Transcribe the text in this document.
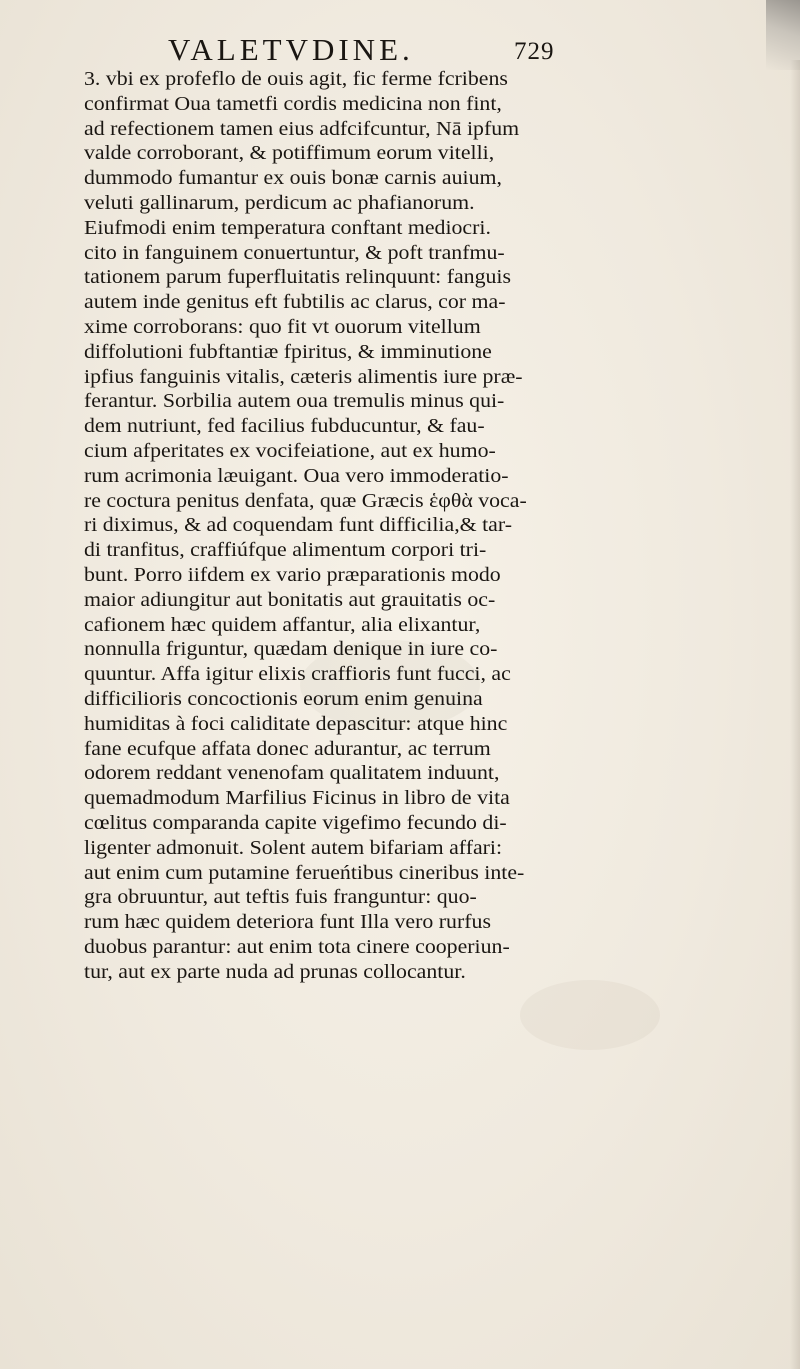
VALETVDINE.	729
3. vbi ex profeflo de ouis agit, fic ferme fcribens
confirmat Oua tametfi cordis medicina non fint,
ad refectionem tamen eius adfcifcuntur, Nā ipfum
valde corroborant, & potiffimum eorum vitelli,
dummodo fumantur ex ouis bonæ carnis auium,
veluti gallinarum, perdicum ac phafianorum.
Eiufmodi enim temperatura conftant mediocri.
cito in fanguinem conuertuntur, & poft tranfmu-
tationem parum fuperfluitatis relinquunt: fanguis
autem inde genitus eft fubtilis ac clarus, cor ma-
xime corroborans: quo fit vt ouorum vitellum
diffolutioni fubftantiæ fpiritus, & imminutione
ipfius fanguinis vitalis, cæteris alimentis iure præ-
ferantur. Sorbilia autem oua tremulis minus qui-
dem nutriunt, fed facilius fubducuntur, & fau-
cium afperitates ex vocifeiatione, aut ex humo-
rum acrimonia læuigant. Oua vero immoderatio-
re coctura penitus denfata, quæ Græcis ἑφθὰ voca-
ri diximus, & ad coquendam funt difficilia,& tar-
di tranfitus, craffiúfque alimentum corpori tri-
bunt. Porro iifdem ex vario præparationis modo
maior adiungitur aut bonitatis aut grauitatis oc-
cafionem hæc quidem affantur, alia elixantur,
nonnulla friguntur, quædam denique in iure co-
quuntur. Affa igitur elixis craffioris funt fucci, ac
difficilioris concoctionis eorum enim genuina
humiditas à foci caliditate depascitur: atque hinc
fane ecufque affata donec adurantur, ac terrum
odorem reddant venenofam qualitatem induunt,
quemadmodum Marfilius Ficinus in libro de vita
cœlitus comparanda capite vigefimo fecundo di-
ligenter admonuit. Solent autem bifariam affari:
aut enim cum putamine ferueńtibus cineribus inte-
gra obruuntur, aut teftis fuis franguntur: quo-
rum hæc quidem deteriora funt Illa vero rurfus
duobus parantur: aut enim tota cinere cooperiun-
tur, aut ex parte nuda ad prunas collocantur.
